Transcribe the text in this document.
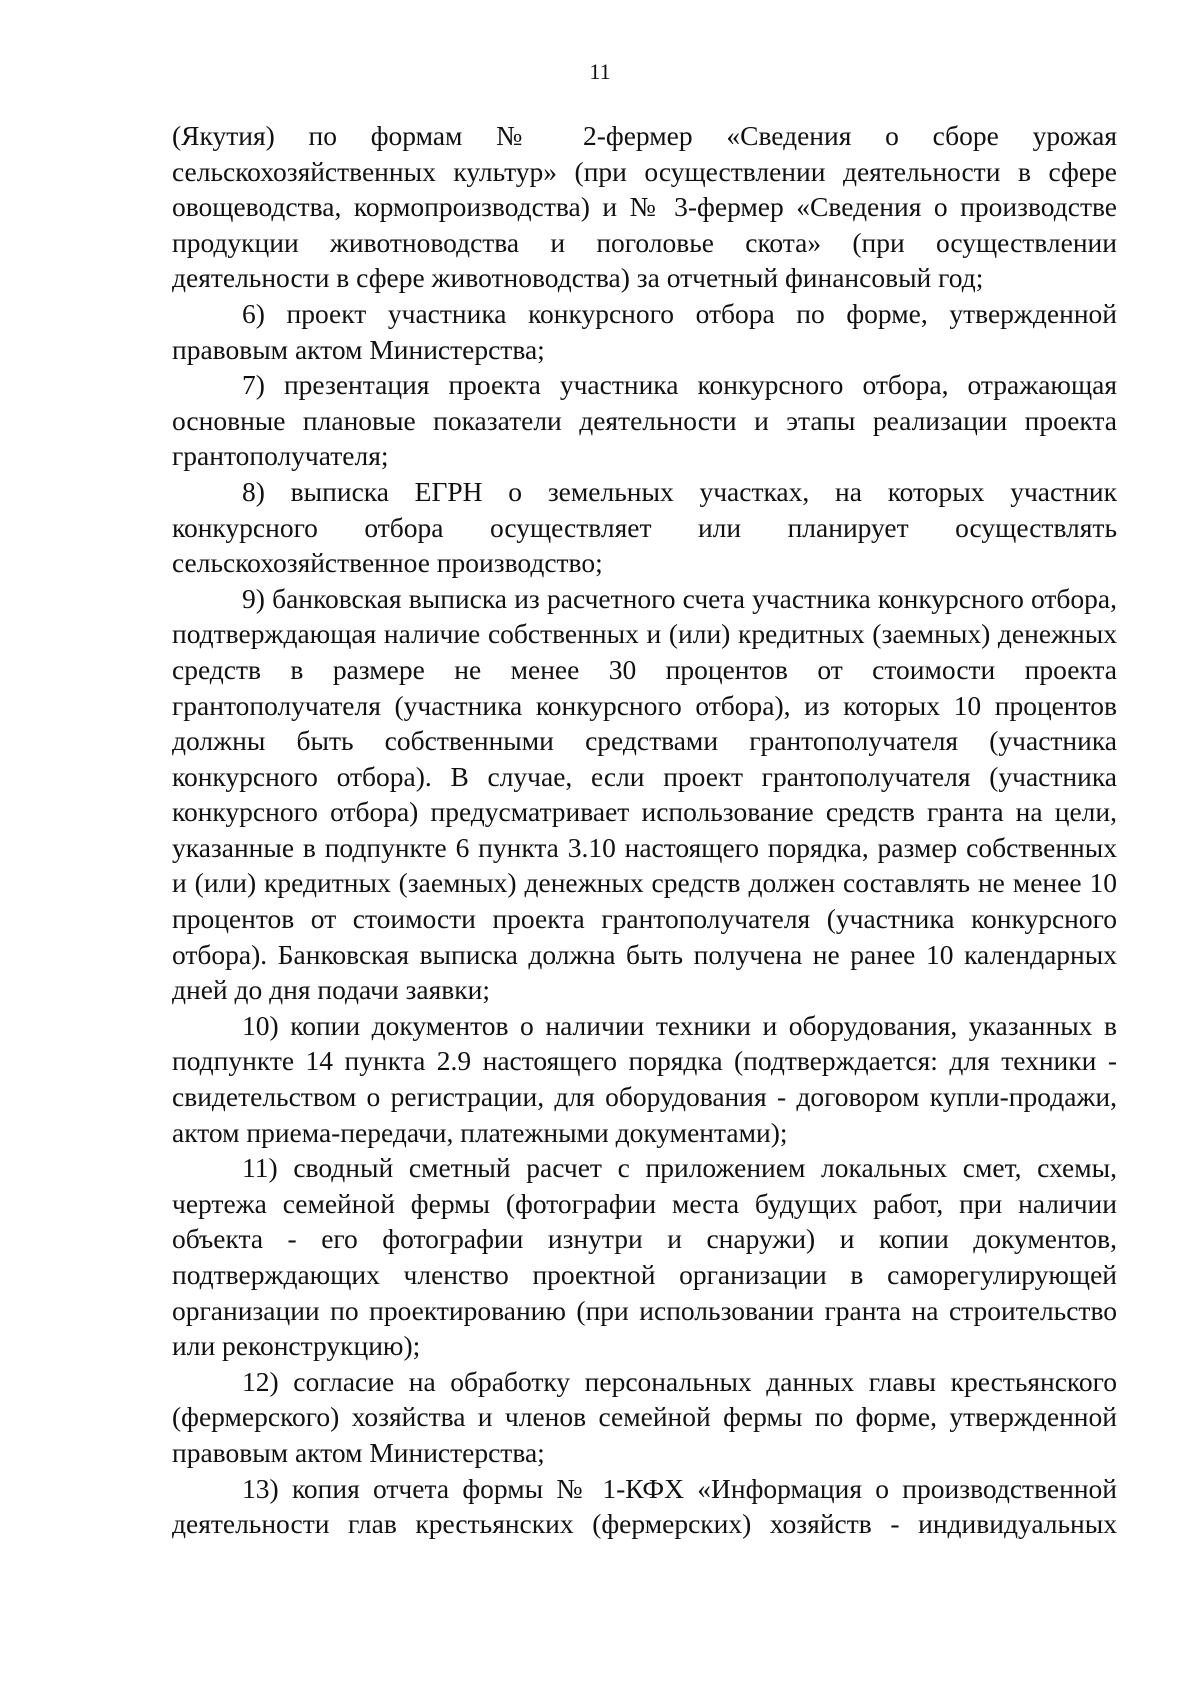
11

(Якутия) по формам № 2-фермер «Сведения о сборе урожая сельскохозяйственных культур» (при осуществлении деятельности в сфере овощеводства, кормопроизводства) и № 3-фермер «Сведения о производстве продукции животноводства и поголовье скота» (при осуществлении деятельности в сфере животноводства) за отчетный финансовый год;

6) проект участника конкурсного отбора по форме, утвержденной правовым актом Министерства;

7) презентация проекта участника конкурсного отбора, отражающая основные плановые показатели деятельности и этапы реализации проекта грантополучателя;

8) выписка ЕГРН о земельных участках, на которых участник конкурсного отбора осуществляет или планирует осуществлять сельскохозяйственное производство;

9) банковская выписка из расчетного счета участника конкурсного отбора, подтверждающая наличие собственных и (или) кредитных (заемных) денежных средств в размере не менее 30 процентов от стоимости проекта грантополучателя (участника конкурсного отбора), из которых 10 процентов должны быть собственными средствами грантополучателя (участника конкурсного отбора). В случае, если проект грантополучателя (участника конкурсного отбора) предусматривает использование средств гранта на цели, указанные в подпункте 6 пункта 3.10 настоящего порядка, размер собственных и (или) кредитных (заемных) денежных средств должен составлять не менее 10 процентов от стоимости проекта грантополучателя (участника конкурсного отбора). Банковская выписка должна быть получена не ранее 10 календарных дней до дня подачи заявки;

10) копии документов о наличии техники и оборудования, указанных в подпункте 14 пункта 2.9 настоящего порядка (подтверждается: для техники - свидетельством о регистрации, для оборудования - договором купли-продажи, актом приема-передачи, платежными документами);

11) сводный сметный расчет с приложением локальных смет, схемы, чертежа семейной фермы (фотографии места будущих работ, при наличии объекта - его фотографии изнутри и снаружи) и копии документов, подтверждающих членство проектной организации в саморегулирующей организации по проектированию (при использовании гранта на строительство или реконструкцию);

12) согласие на обработку персональных данных главы крестьянского (фермерского) хозяйства и членов семейной фермы по форме, утвержденной правовым актом Министерства;

13) копия отчета формы № 1-КФХ «Информация о производственной деятельности глав крестьянских (фермерских) хозяйств - индивидуальных
